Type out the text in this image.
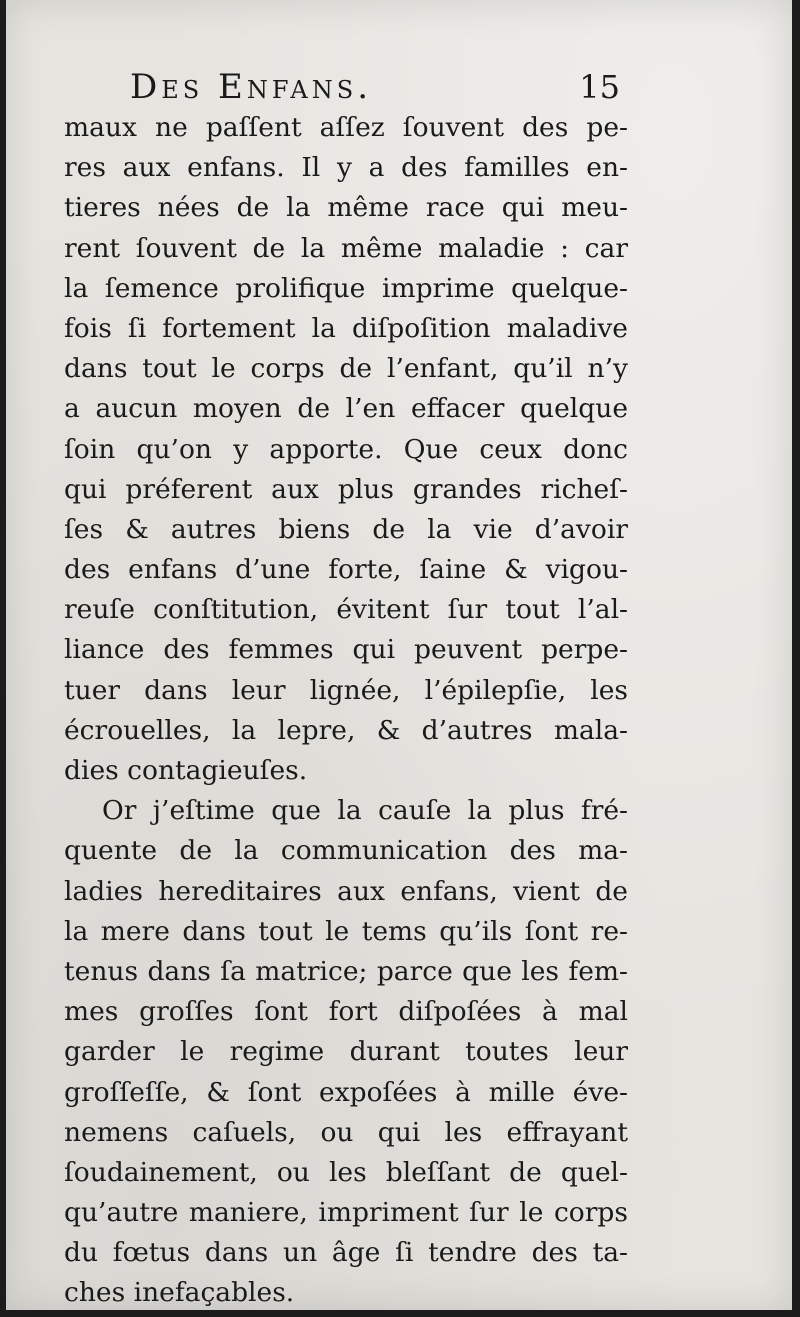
Des Enfans.	15
maux ne paſſent aſſez ſouvent des pe-
res aux enfans. Il y a des familles en-
tieres nées de la même race qui meu-
rent ſouvent de la même maladie : car
la ſemence prolifique imprime quelque-
fois ſi fortement la diſpoſition maladive
dans tout le corps de l’enfant, qu’il n’y
a aucun moyen de l’en effacer quelque
ſoin qu’on y apporte. Que ceux donc
qui préferent aux plus grandes richeſ-
ſes & autres biens de la vie d’avoir
des enfans d’une forte, ſaine & vigou-
reuſe conſtitution, évitent ſur tout l’al-
liance des femmes qui peuvent perpe-
tuer dans leur lignée, l’épilepſie, les
écrouelles, la lepre, & d’autres mala-
dies contagieuſes.
Or j’eſtime que la cauſe la plus fré-
quente de la communication des ma-
ladies hereditaires aux enfans, vient de
la mere dans tout le tems qu’ils ſont re-
tenus dans ſa matrice; parce que les fem-
mes groſſes ſont fort diſpoſées à mal
garder le regime durant toutes leur
groſſeſſe, & ſont expoſées à mille éve-
nemens caſuels, ou qui les effrayant
ſoudainement, ou les bleſſant de quel-
qu’autre maniere, impriment ſur le corps
du fœtus dans un âge ſi tendre des ta-
ches inefaçables.
